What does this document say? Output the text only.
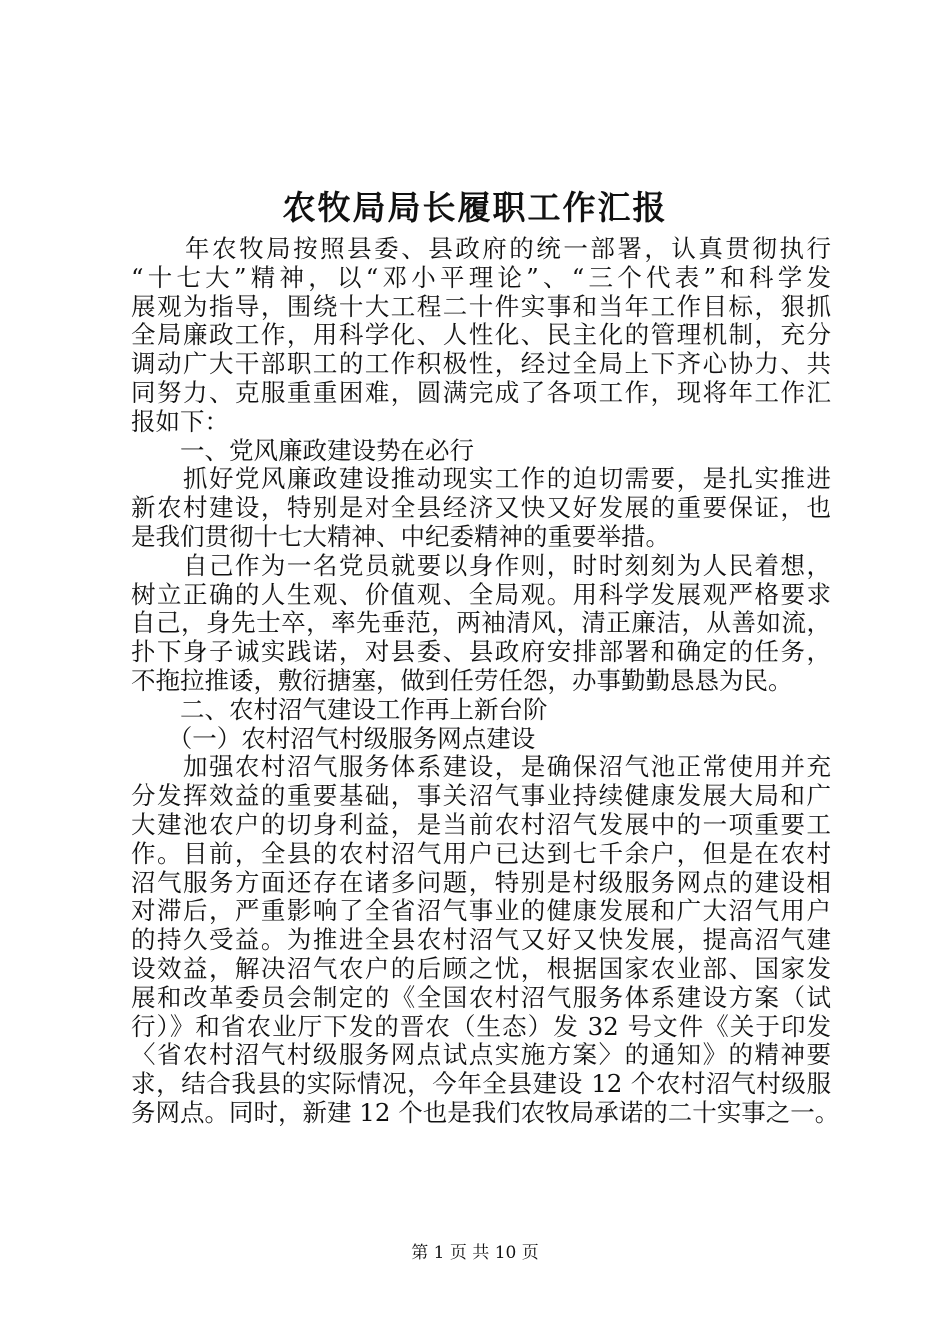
农牧局局长履职工作汇报
　　年农牧局按照县委、县政府的统一部署，认真贯彻执行
“十七大”精神，以“邓小平理论”、“三个代表”和科学发
展观为指导，围绕十大工程二十件实事和当年工作目标，狠抓
全局廉政工作，用科学化、人性化、民主化的管理机制，充分
调动广大干部职工的工作积极性，经过全局上下齐心协力、共
同努力、克服重重困难，圆满完成了各项工作，现将年工作汇
报如下：
　　一、党风廉政建设势在必行
　　抓好党风廉政建设推动现实工作的迫切需要，是扎实推进
新农村建设，特别是对全县经济又快又好发展的重要保证，也
是我们贯彻十七大精神、中纪委精神的重要举措。
　　自己作为一名党员就要以身作则，时时刻刻为人民着想，
树立正确的人生观、价值观、全局观。用科学发展观严格要求
自己，身先士卒，率先垂范，两袖清风，清正廉洁，从善如流，
扑下身子诚实践诺，对县委、县政府安排部署和确定的任务，
不拖拉推诿，敷衍搪塞，做到任劳任怨，办事勤勤恳恳为民。
　　二、农村沼气建设工作再上新台阶
　　（一）农村沼气村级服务网点建设
　　加强农村沼气服务体系建设，是确保沼气池正常使用并充
分发挥效益的重要基础，事关沼气事业持续健康发展大局和广
大建池农户的切身利益，是当前农村沼气发展中的一项重要工
作。目前，全县的农村沼气用户已达到七千余户，但是在农村
沼气服务方面还存在诸多问题，特别是村级服务网点的建设相
对滞后，严重影响了全省沼气事业的健康发展和广大沼气用户
的持久受益。为推进全县农村沼气又好又快发展，提高沼气建
设效益，解决沼气农户的后顾之忧，根据国家农业部、国家发
展和改革委员会制定的《全国农村沼气服务体系建设方案（试
行）》和省农业厅下发的晋农（生态）发 32 号文件《关于印发
〈省农村沼气村级服务网点试点实施方案〉的通知》的精神要
求，结合我县的实际情况，今年全县建设 12 个农村沼气村级服
务网点。同时，新建 12 个也是我们农牧局承诺的二十实事之一。
第 1 页 共 10 页
